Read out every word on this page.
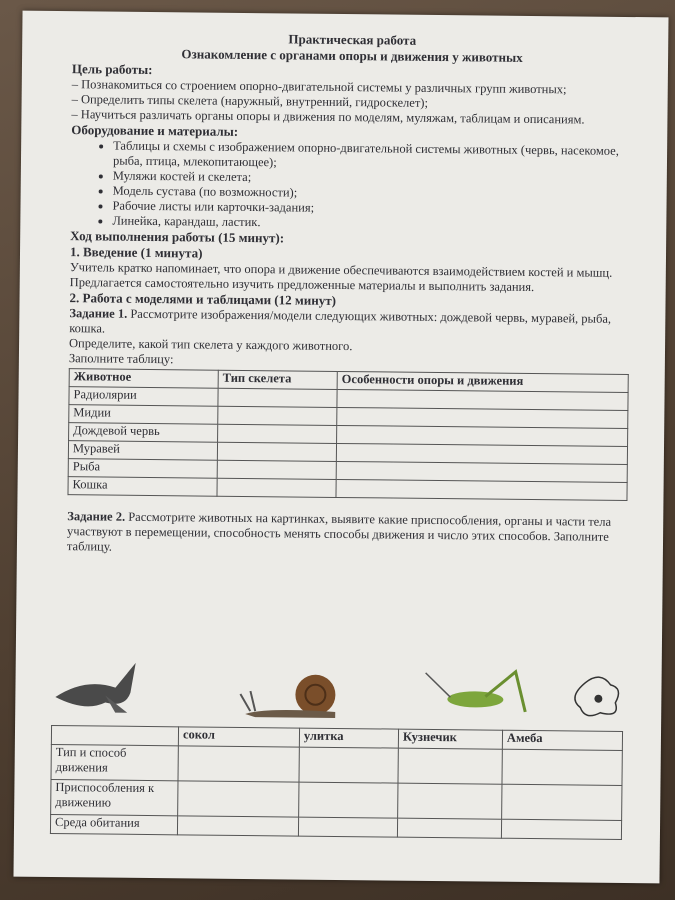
Практическая работа
Ознакомление с органами опоры и движения у животных
Цель работы:
– Познакомиться со строением опорно-двигательной системы у различных групп животных;
– Определить типы скелета (наружный, внутренний, гидроскелет);
– Научиться различать органы опоры и движения по моделям, муляжам, таблицам и описаниям.
Оборудование и материалы:
• Таблицы и схемы с изображением опорно-двигательной системы животных (червь, насекомое, рыба, птица, млекопитающее);
• Муляжи костей и скелета;
• Модель сустава (по возможности);
• Рабочие листы или карточки-задания;
• Линейка, карандаш, ластик.
Ход выполнения работы (15 минут):
1. Введение (1 минута)
Учитель кратко напоминает, что опора и движение обеспечиваются взаимодействием костей и мышц. Предлагается самостоятельно изучить предложенные материалы и выполнить задания.
2. Работа с моделями и таблицами (12 минут)
Задание 1. Рассмотрите изображения/модели следующих животных: дождевой червь, муравей, рыба, кошка.
Определите, какой тип скелета у каждого животного.
Заполните таблицу:
Животное	Тип скелета	Особенности опоры и движения
Радиолярии		
Мидии		
Дождевой червь		
Муравей		
Рыба		
Кошка		
Задание 2. Рассмотрите животных на картинках, выявите какие приспособления, органы и части тела участвуют в перемещении, способность менять способы движения и число этих способов. Заполните таблицу.
	сокол	улитка	Кузнечик	Амеба
Тип и способ движения				
Приспособления к движению				
Среда обитания				
